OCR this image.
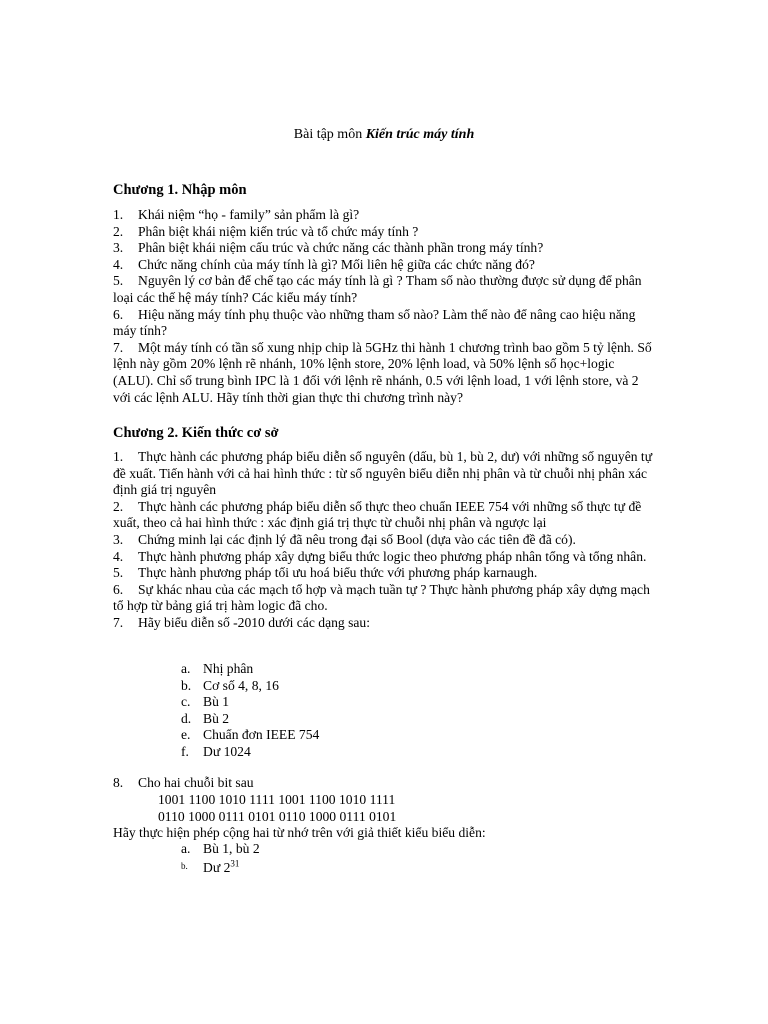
Bài tập môn Kiến trúc máy tính
Chương 1. Nhập môn

1. Khái niệm “họ - family” sản phẩm là gì?

2. Phân biệt khái niệm kiến trúc và tổ chức máy tính ?

3. Phân biệt khái niệm cấu trúc và chức năng các thành phần trong máy tính?

4. Chức năng chính của máy tính là gì? Mối liên hệ giữa các chức năng đó?

5. Nguyên lý cơ bản để chế tạo các máy tính là gì ? Tham số nào thường được sử dụng để phân loại các thế hệ máy tính? Các kiểu máy tính?

6. Hiệu năng máy tính phụ thuộc vào những tham số nào? Làm thế nào để nâng cao hiệu năng máy tính?

7. Một máy tính có tần số xung nhịp chip là 5GHz thi hành 1 chương trình bao gồm 5 tỷ lệnh. Số lệnh này gồm 20% lệnh rẽ nhánh, 10% lệnh store, 20% lệnh load, và 50% lệnh số học+logic (ALU). Chỉ số trung bình IPC là 1 đối với lệnh rẽ nhánh, 0.5 với lệnh load, 1 với lệnh store, và 2 với các lệnh ALU. Hãy tính thời gian thực thi chương trình này?

Chương 2. Kiến thức cơ sở

1. Thực hành các phương pháp biểu diễn số nguyên (dấu, bù 1, bù 2, dư) với những số nguyên tự đề xuất. Tiến hành với cả hai hình thức : từ số nguyên biểu diễn nhị phân và từ chuỗi nhị phân xác định giá trị nguyên

2. Thực hành các phương pháp biểu diễn số thực theo chuẩn IEEE 754 với những số thực tự đề xuất, theo cả hai hình thức : xác định giá trị thực từ chuỗi nhị phân và ngược lại

3. Chứng minh lại các định lý đã nêu trong đại số Bool (dựa vào các tiên đề đã có).

4. Thực hành phương pháp xây dựng biểu thức logic theo phương pháp nhân tổng và tổng nhân.

5. Thực hành phương pháp tối ưu hoá biểu thức với phương pháp karnaugh.

6. Sự khác nhau của các mạch tổ hợp và mạch tuần tự ? Thực hành phương pháp xây dựng mạch tổ hợp từ bảng giá trị hàm logic đã cho.

7. Hãy biểu diễn số -2010 dưới các dạng sau:

a. Nhị phân
b. Cơ số 4, 8, 16
c. Bù 1
d. Bù 2
e. Chuẩn đơn IEEE 754
f. Dư 1024

8. Cho hai chuỗi bit sau

1001 1100 1010 1111 1001 1100 1010 1111
0110 1000 0111 0101 0110 1000 0111 0101
Hãy thực hiện phép cộng hai từ nhớ trên với giả thiết kiểu biểu diễn:
a. Bù 1, bù 2
b. Dư $2^{31}$
